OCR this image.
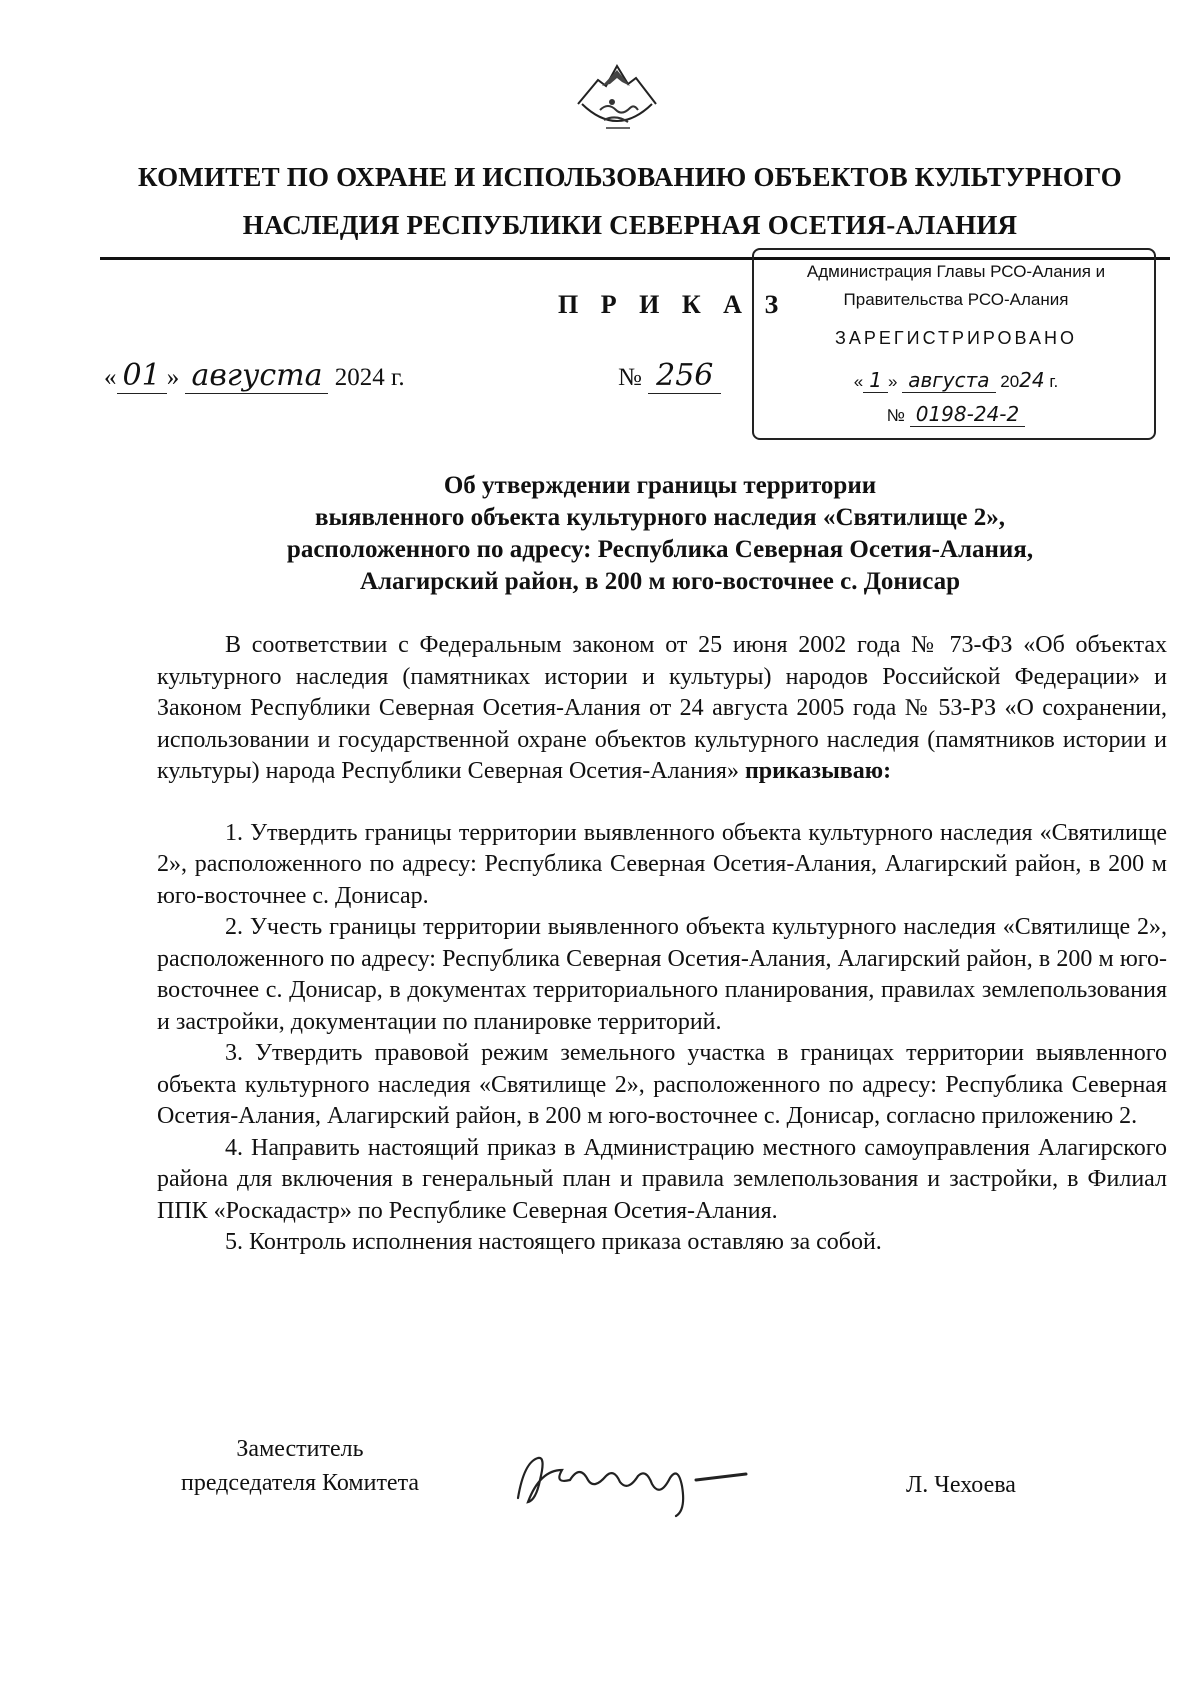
КОМИТЕТ ПО ОХРАНЕ И ИСПОЛЬЗОВАНИЮ ОБЪЕКТОВ КУЛЬТУРНОГО
НАСЛЕДИЯ РЕСПУБЛИКИ СЕВЕРНАЯ ОСЕТИЯ-АЛАНИЯ
П Р И К А З
« 01 » августа 2024 г.	№ 256
Администрация Главы РСО-Алания и
Правительства РСО-Алания
ЗАРЕГИСТРИРОВАНО
« 1 » августа 2024 г.
№ 0198-24-2
Об утверждении границы территории
выявленного объекта культурного наследия «Святилище 2»,
расположенного по адресу: Республика Северная Осетия-Алания,
Алагирский район, в 200 м юго-восточнее с. Донисар

В соответствии с Федеральным законом от 25 июня 2002 года № 73-ФЗ «Об объектах культурного наследия (памятниках истории и культуры) народов Российской Федерации» и Законом Республики Северная Осетия-Алания от 24 августа 2005 года № 53-РЗ «О сохранении, использовании и государственной охране объектов культурного наследия (памятников истории и культуры) народа Республики Северная Осетия-Алания» приказываю:

1. Утвердить границы территории выявленного объекта культурного наследия «Святилище 2», расположенного по адресу: Республика Северная Осетия-Алания, Алагирский район, в 200 м юго-восточнее с. Донисар.

2. Учесть границы территории выявленного объекта культурного наследия «Святилище 2», расположенного по адресу: Республика Северная Осетия-Алания, Алагирский район, в 200 м юго-восточнее с. Донисар, в документах территориального планирования, правилах землепользования и застройки, документации по планировке территорий.

3. Утвердить правовой режим земельного участка в границах территории выявленного объекта культурного наследия «Святилище 2», расположенного по адресу: Республика Северная Осетия-Алания, Алагирский район, в 200 м юго-восточнее с. Донисар, согласно приложению 2.

4. Направить настоящий приказ в Администрацию местного самоуправления Алагирского района для включения в генеральный план и правила землепользования и застройки, в Филиал ППК «Роскадастр» по Республике Северная Осетия-Алания.

5. Контроль исполнения настоящего приказа оставляю за собой.

Заместитель
председателя Комитета	Л. Чехоева
